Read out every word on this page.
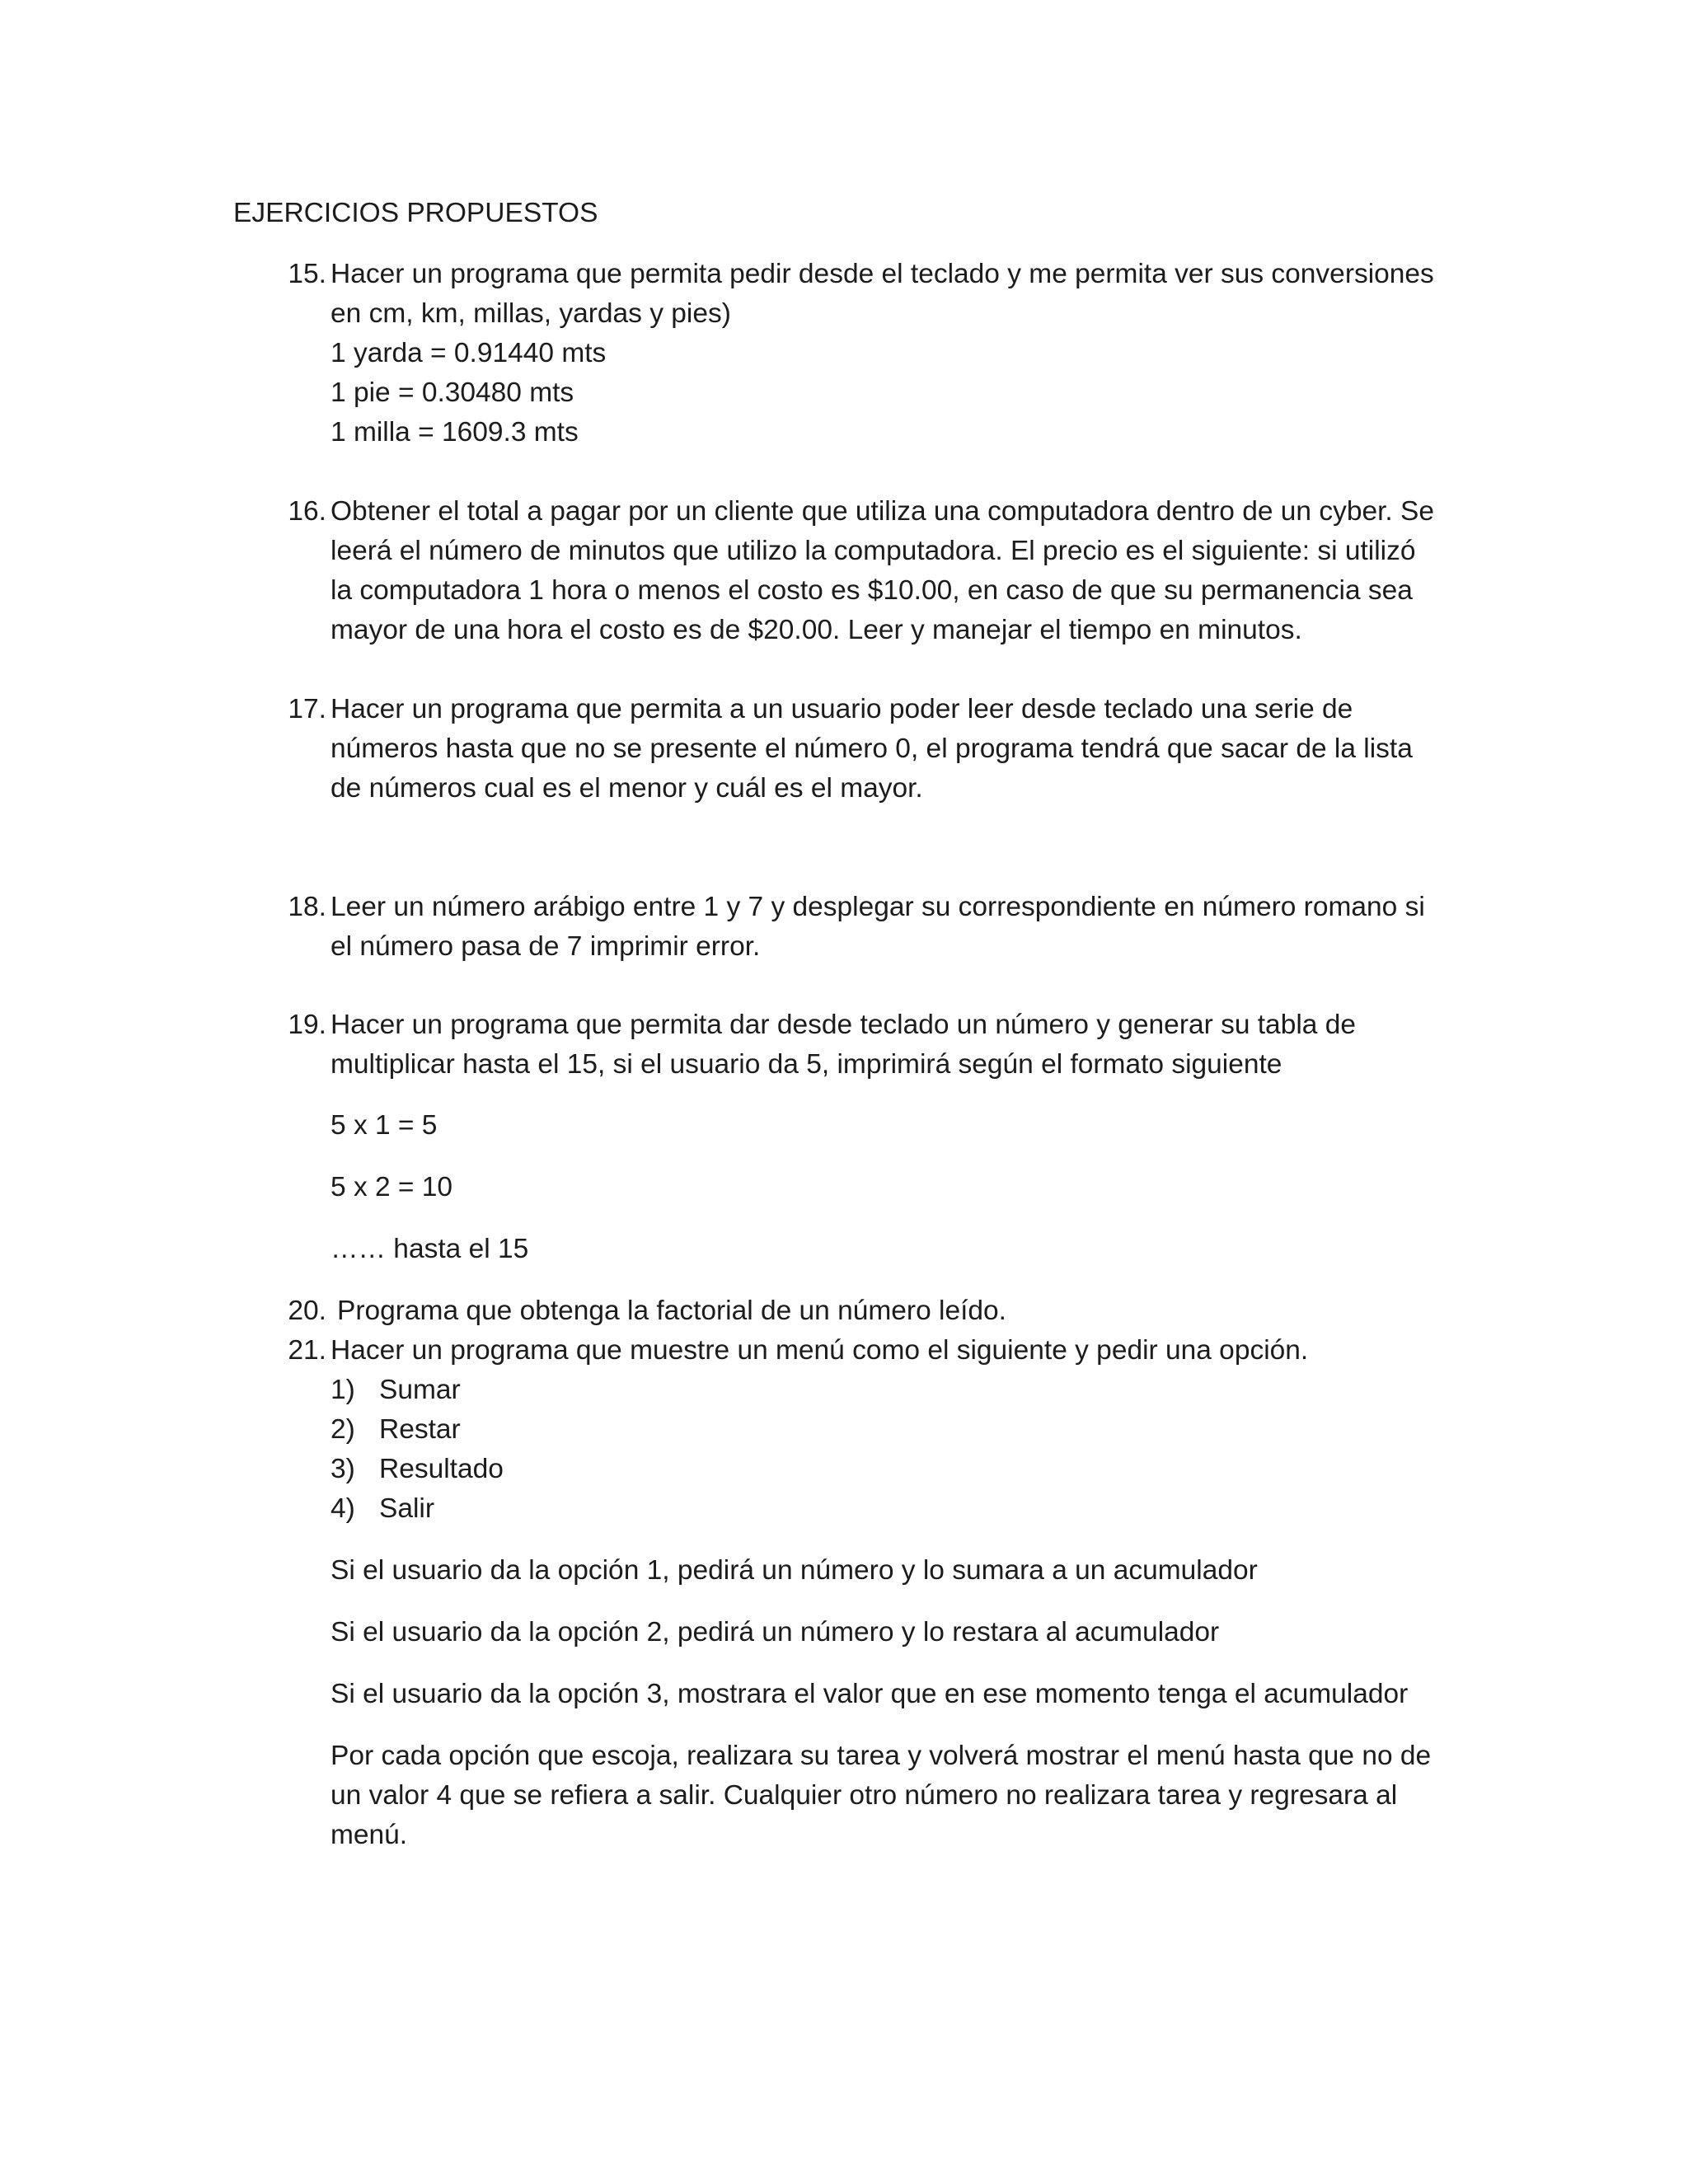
EJERCICIOS PROPUESTOS
15. Hacer un programa que permita pedir desde el teclado y me permita ver sus conversiones
en cm, km, millas, yardas y pies)
1 yarda = 0.91440 mts
1 pie = 0.30480 mts
1 milla = 1609.3 mts
16. Obtener el total a pagar por un cliente que utiliza una computadora dentro de un cyber. Se
leerá el número de minutos que utilizo la computadora. El precio es el siguiente: si utilizó
la computadora 1 hora o menos el costo es $10.00, en caso de que su permanencia sea
mayor de una hora el costo es de $20.00. Leer y manejar el tiempo en minutos.
17. Hacer un programa que permita a un usuario poder leer desde teclado una serie de
números hasta que no se presente el número 0, el programa tendrá que sacar de la lista
de números cual es el menor y cuál es el mayor.
18. Leer un número arábigo entre 1 y 7 y desplegar su correspondiente en número romano si
el número pasa de 7 imprimir error.
19. Hacer un programa que permita dar desde teclado un número y generar su tabla de
multiplicar hasta el 15, si el usuario da 5, imprimirá según el formato siguiente
5 x 1 = 5
5 x 2 = 10
…… hasta el 15
20. Programa que obtenga la factorial de un número leído.
21. Hacer un programa que muestre un menú como el siguiente y pedir una opción.
1) Sumar
2) Restar
3) Resultado
4) Salir
Si el usuario da la opción 1, pedirá un número y lo sumara a un acumulador
Si el usuario da la opción 2, pedirá un número y lo restara al acumulador
Si el usuario da la opción 3, mostrara el valor que en ese momento tenga el acumulador
Por cada opción que escoja, realizara su tarea y volverá mostrar el menú hasta que no de
un valor 4 que se refiera a salir. Cualquier otro número no realizara tarea y regresara al
menú.
